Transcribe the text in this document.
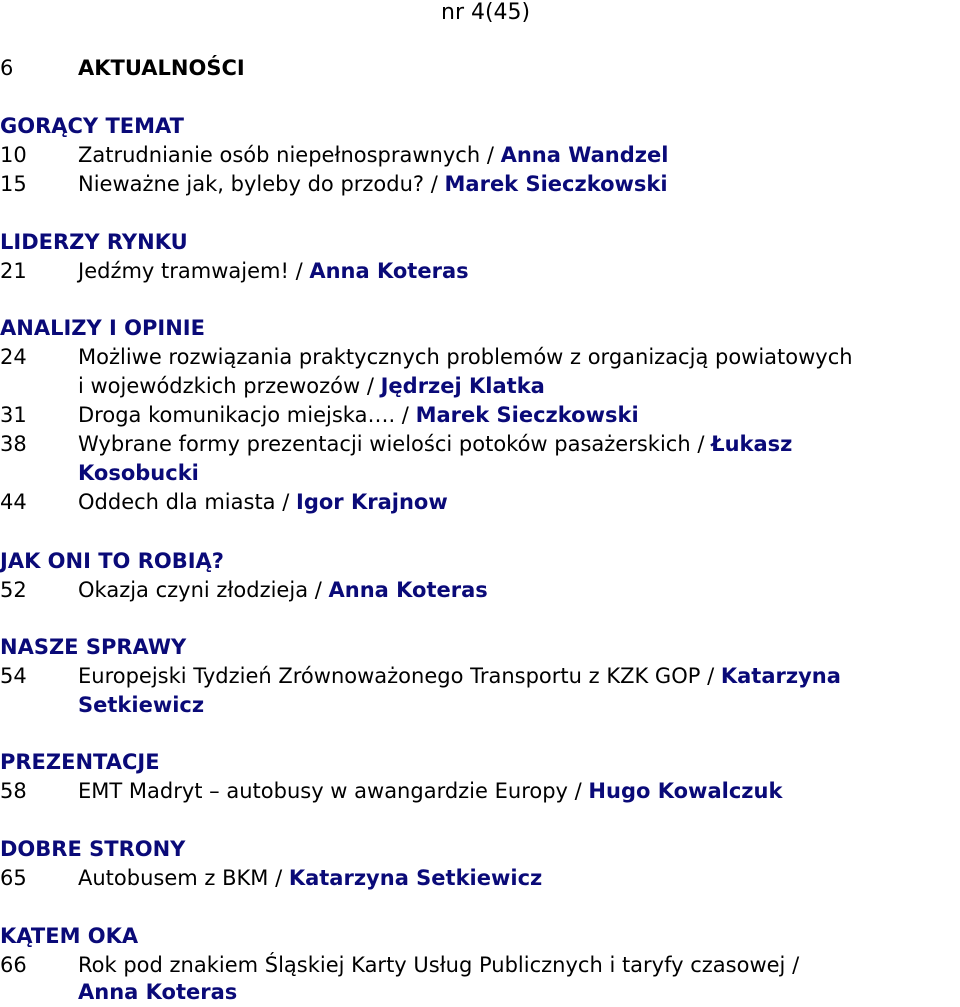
nr 4(45)
6	AKTUALNOŚCI
GORĄCY TEMAT
10 Zatrudnianie osób niepełnosprawnych / Anna Wandzel
15 Nieważne jak, byleby do przodu? / Marek Sieczkowski
LIDERZY RYNKU
21 Jedźmy tramwajem! / Anna Koteras
ANALIZY I OPINIE
24 Możliwe rozwiązania praktycznych problemów z organizacją powiatowych
i wojewódzkich przewozów / Jędrzej Klatka
31 Droga komunikacjo miejska…. / Marek Sieczkowski
38 Wybrane formy prezentacji wielości potoków pasażerskich / Łukasz
Kosobucki
44 Oddech dla miasta / Igor Krajnow
JAK ONI TO ROBIĄ?
52 Okazja czyni złodzieja / Anna Koteras
NASZE SPRAWY
54 Europejski Tydzień Zrównoważonego Transportu z KZK GOP / Katarzyna
Setkiewicz
PREZENTACJE
58 EMT Madryt – autobusy w awangardzie Europy / Hugo Kowalczuk
DOBRE STRONY
65 Autobusem z BKM / Katarzyna Setkiewicz
KĄTEM OKA
66 Rok pod znakiem Śląskiej Karty Usług Publicznych i taryfy czasowej /
Anna Koteras
